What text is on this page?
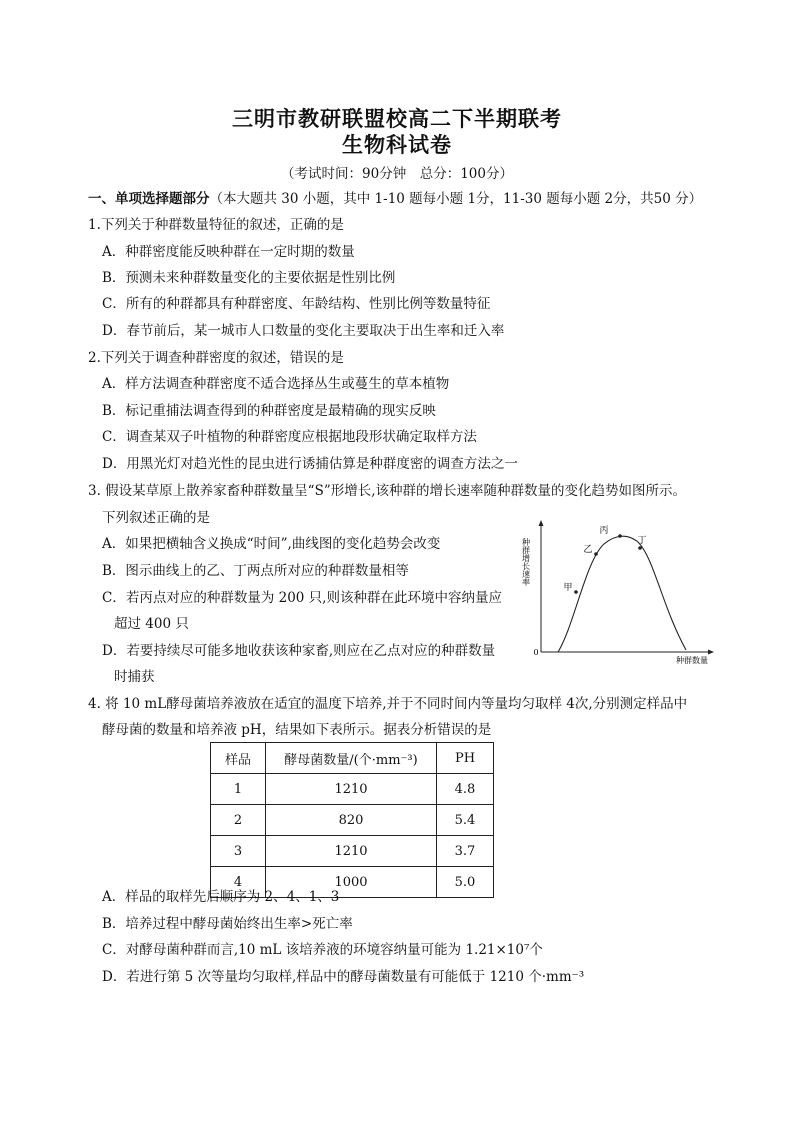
三明市教研联盟校高二下半期联考
生物科试卷
（考试时间：90分钟　总分：100分）
一、单项选择题部分（本大题共 30 小题，其中 1-10 题每小题 1分，11-30 题每小题 2分，共50 分）
1.下列关于种群数量特征的叙述，正确的是
A．种群密度能反映种群在一定时期的数量
B．预测未来种群数量变化的主要依据是性别比例
C．所有的种群都具有种群密度、年龄结构、性别比例等数量特征
D．春节前后，某一城市人口数量的变化主要取决于出生率和迁入率
2.下列关于调查种群密度的叙述，错误的是
A．样方法调查种群密度不适合选择丛生或蔓生的草本植物
B．标记重捕法调查得到的种群密度是最精确的现实反映
C．调查某双子叶植物的种群密度应根据地段形状确定取样方法
D．用黑光灯对趋光性的昆虫进行诱捕估算是种群度密的调查方法之一
3. 假设某草原上散养家畜种群数量呈“S”形增长,该种群的增长速率随种群数量的变化趋势如图所示。
下列叙述正确的是
A．如果把横轴含义换成“时间”,曲线图的变化趋势会改变
B．图示曲线上的乙、丁两点所对应的种群数量相等
C．若丙点对应的种群数量为 200 只,则该种群在此环境中容纳量应
超过 400 只
D．若要持续尽可能多地收获该种家畜,则应在乙点对应的种群数量
时捕获
种群增长速率
种群数量
0
甲
乙
丙
丁
4. 将 10 mL酵母菌培养液放在适宜的温度下培养,并于不同时间内等量均匀取样 4次,分别测定样品中
酵母菌的数量和培养液 pH，结果如下表所示。据表分析错误的是
样品	酵母菌数量/(个·mm⁻³)	PH
1	1210	4.8
2	820	5.4
3	1210	3.7
4	1000	5.0
A．样品的取样先后顺序为 2、4、1、3
B．培养过程中酵母菌始终出生率>死亡率
C．对酵母菌种群而言,10 mL 该培养液的环境容纳量可能为 1.21×10⁷个
D．若进行第 5 次等量均匀取样,样品中的酵母菌数量有可能低于 1210 个·mm⁻³
